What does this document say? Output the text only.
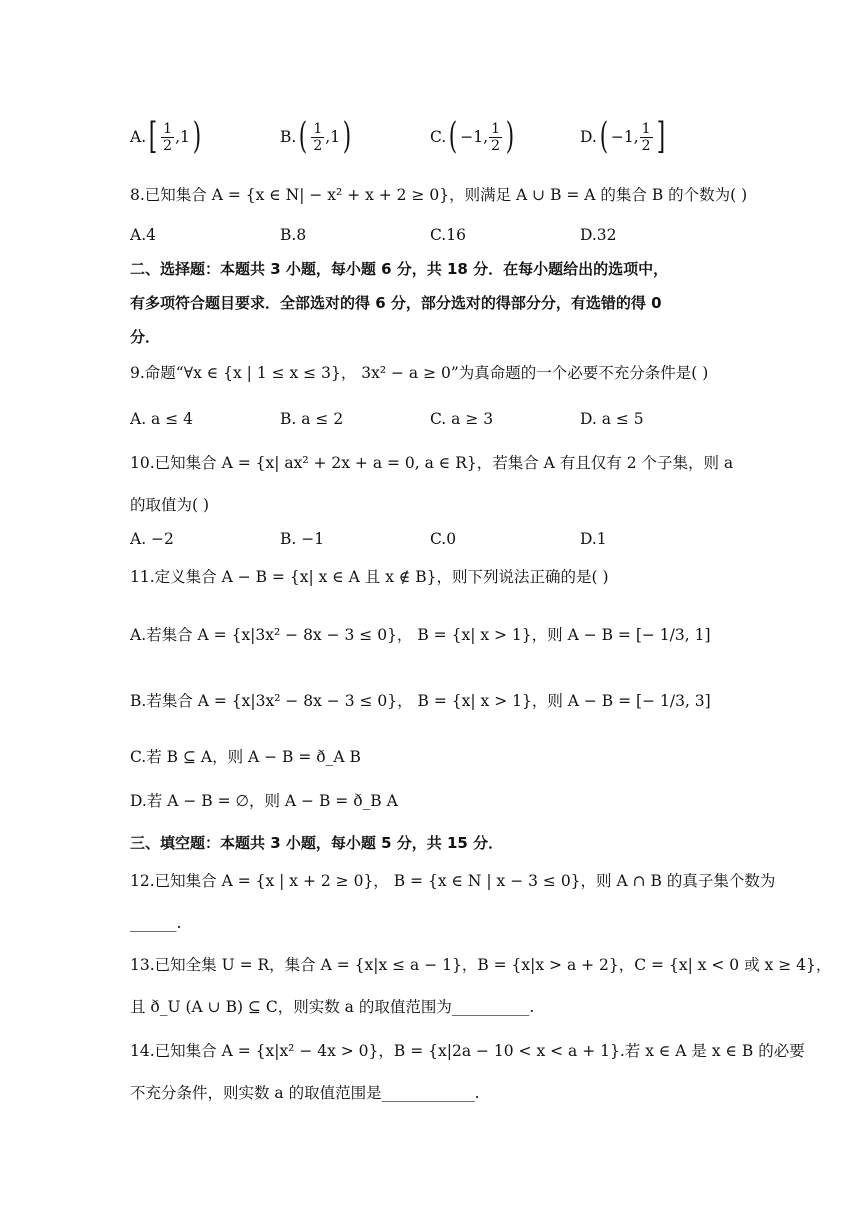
A. [ $\frac{1}{2} ,1$ )	B. ( $\frac{1}{2} ,1$ )	C. ( −1, $\frac{1}{2}$ )	D. ( −1, $\frac{1}{2}$ ]
8.已知集合 A = {x ∈ N| − x² + x + 2 ≥ 0}，则满足 A ∪ B = A 的集合 B 的个数为( )
A.4	B.8	C.16	D.32
二、选择题：本题共 3 小题，每小题 6 分，共 18 分．在每小题给出的选项中，
有多项符合题目要求．全部选对的得 6 分，部分选对的得部分分，有选错的得 0
分．
9.命题“∀x ∈ {x | 1 ≤ x ≤ 3}， 3x² − a ≥ 0”为真命题的一个必要不充分条件是( )
A. a ≤ 4	B. a ≤ 2	C. a ≥ 3	D. a ≤ 5
10.已知集合 A = {x| ax² + 2x + a = 0, a ∈ R}，若集合 A 有且仅有 2 个子集，则 a
的取值为( )
A. −2	B. −1	C.0	D.1
11.定义集合 A − B = {x| x ∈ A 且 x ∉ B}，则下列说法正确的是( )
A.若集合 A = {x|3x² − 8x − 3 ≤ 0}， B = {x| x > 1}，则 A − B = [− 1/3, 1]
B.若集合 A = {x|3x² − 8x − 3 ≤ 0}， B = {x| x > 1}，则 A − B = [− 1/3, 3]
C.若 B ⊆ A，则 A − B = ð_A B
D.若 A − B = ∅，则 A − B = ð_B A
三、填空题：本题共 3 小题，每小题 5 分，共 15 分．
12.已知集合 A = {x | x + 2 ≥ 0}， B = {x ∈ N | x − 3 ≤ 0}，则 A ∩ B 的真子集个数为
______.
13.已知全集 U = R，集合 A = {x|x ≤ a − 1}，B = {x|x > a + 2}，C = {x| x < 0 或 x ≥ 4}，
且 ð_U (A ∪ B) ⊆ C，则实数 a 的取值范围为__________.
14.已知集合 A = {x|x² − 4x > 0}，B = {x|2a − 10 < x < a + 1}.若 x ∈ A 是 x ∈ B 的必要
不充分条件，则实数 a 的取值范围是____________.
